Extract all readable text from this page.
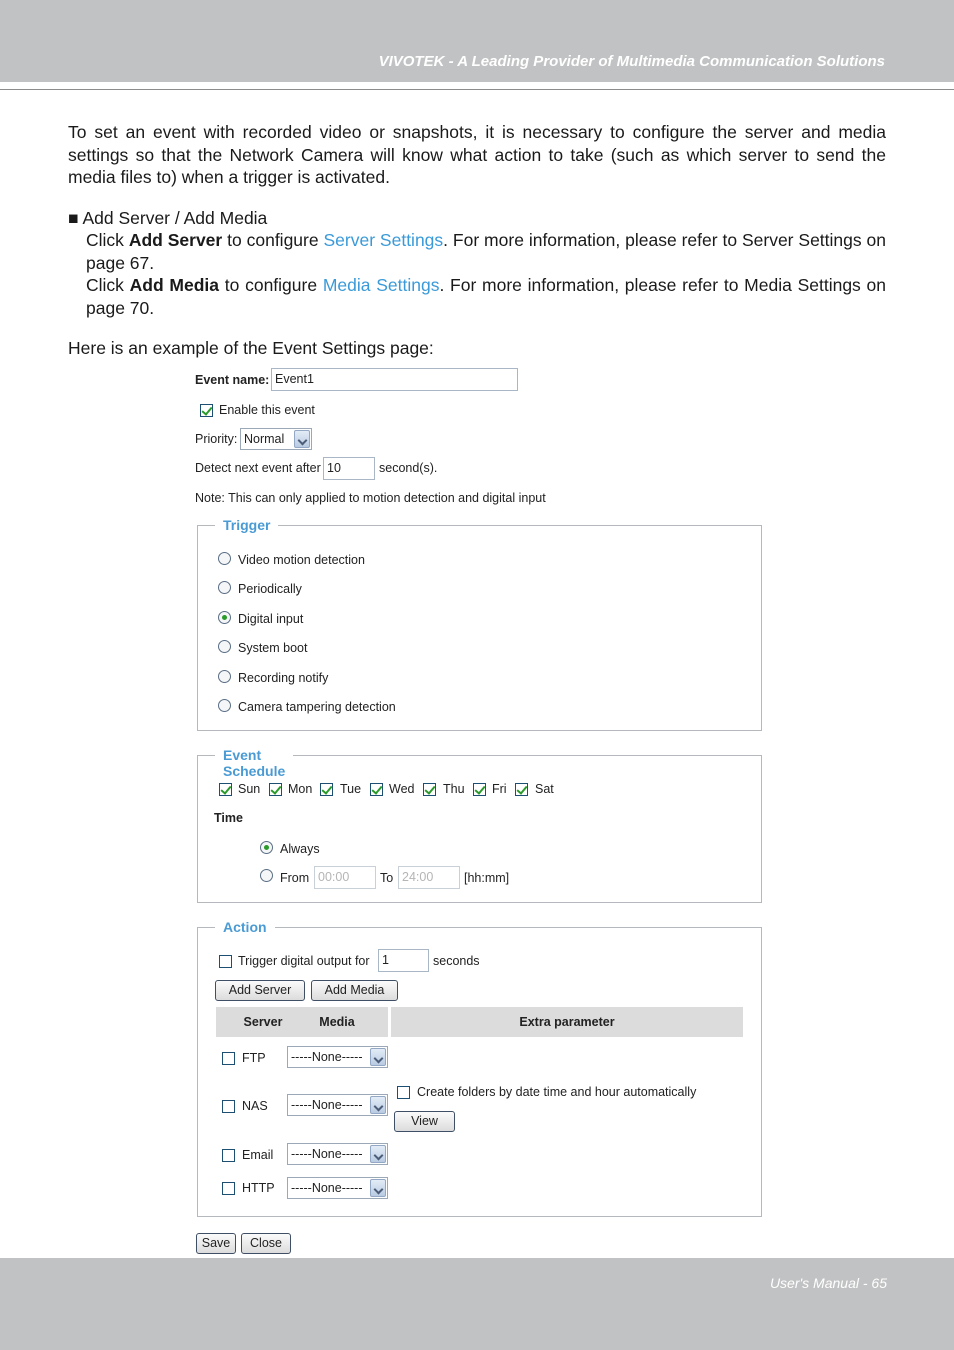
VIVOTEK - A Leading Provider of Multimedia Communication Solutions

To set an event with recorded video or snapshots, it is necessary to configure the server and media settings so that the Network Camera will know what action to take (such as which server to send the media files to) when a trigger is activated.

■ Add Server / Add Media

Click Add Server to configure Server Settings. For more information, please refer to Server Settings on page 67.

Click Add Media to configure Media Settings. For more information, please refer to Media Settings on page 70.

Here is an example of the Event Settings page:
Event name: Event1
Enable this event
Priority: Normal
Detect next event after 10	second(s).
Note: This can only applied to motion detection and digital input
Trigger
Video motion detection
Periodically
Digital input
System boot
Recording notify
Camera tampering detection
Event Schedule
Sun Mon Tue Wed Thu Fri Sat
Time
Always
From 00:00	To 24:00	[hh:mm]
Action
Trigger digital output for 1	seconds
Add Server	Add Media
Server	Media	Extra parameter
FTP	-----None-----
NAS	-----None-----
Create folders by date time and hour automatically
View
Email	-----None-----
HTTP	-----None-----
Save	Close
User's Manual - 65
